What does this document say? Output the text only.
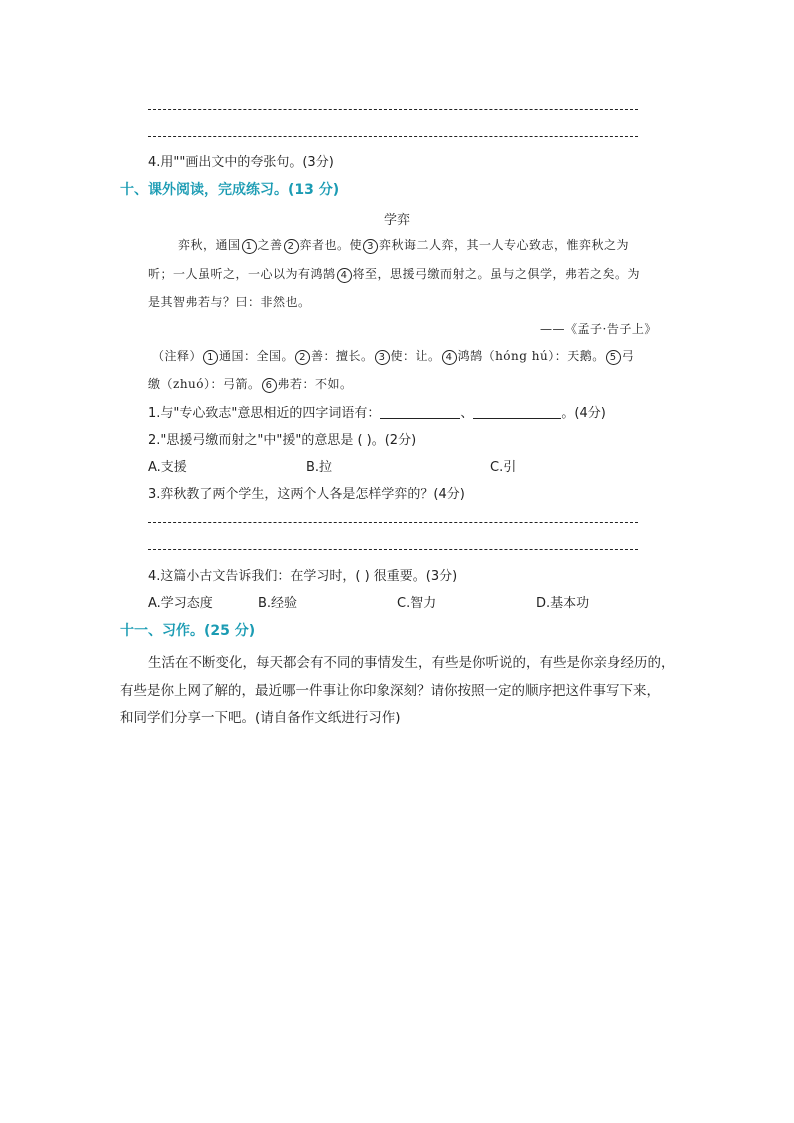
4.用""画出文中的夸张句。(3分)
十、课外阅读，完成练习。(13 分)
学弈
弈秋，通国 1 之善 2 弈者也。使 3 弈秋诲二人弈，其一人专心致志，惟弈秋之为
听；一人虽听之，一心以为有鸿鹄 4 将至，思援弓缴而射之。虽与之俱学，弗若之矣。为
是其智弗若与？曰：非然也。
——《孟子·告子上》
（注释） 1 通国：全国。 2 善：擅长。 3 使：让。 4 鸿鹄（hóng hú）：天鹅。 5 弓
缴（zhuó）：弓箭。 6 弗若：不如。
1.与"专心致志"意思相近的四字词语有：	、	。(4分)
2."思援弓缴而射之"中"援"的意思是 ( )。(2分)
A.支援	B.拉	C.引
3.弈秋教了两个学生，这两个人各是怎样学弈的？(4分)
4.这篇小古文告诉我们：在学习时，( ) 很重要。(3分)
A.学习态度	B.经验	C.智力	D.基本功
十一、习作。(25 分)
生活在不断变化，每天都会有不同的事情发生，有些是你听说的，有些是你亲身经历的，
有些是你上网了解的，最近哪一件事让你印象深刻？请你按照一定的顺序把这件事写下来，
和同学们分享一下吧。(请自备作文纸进行习作)
